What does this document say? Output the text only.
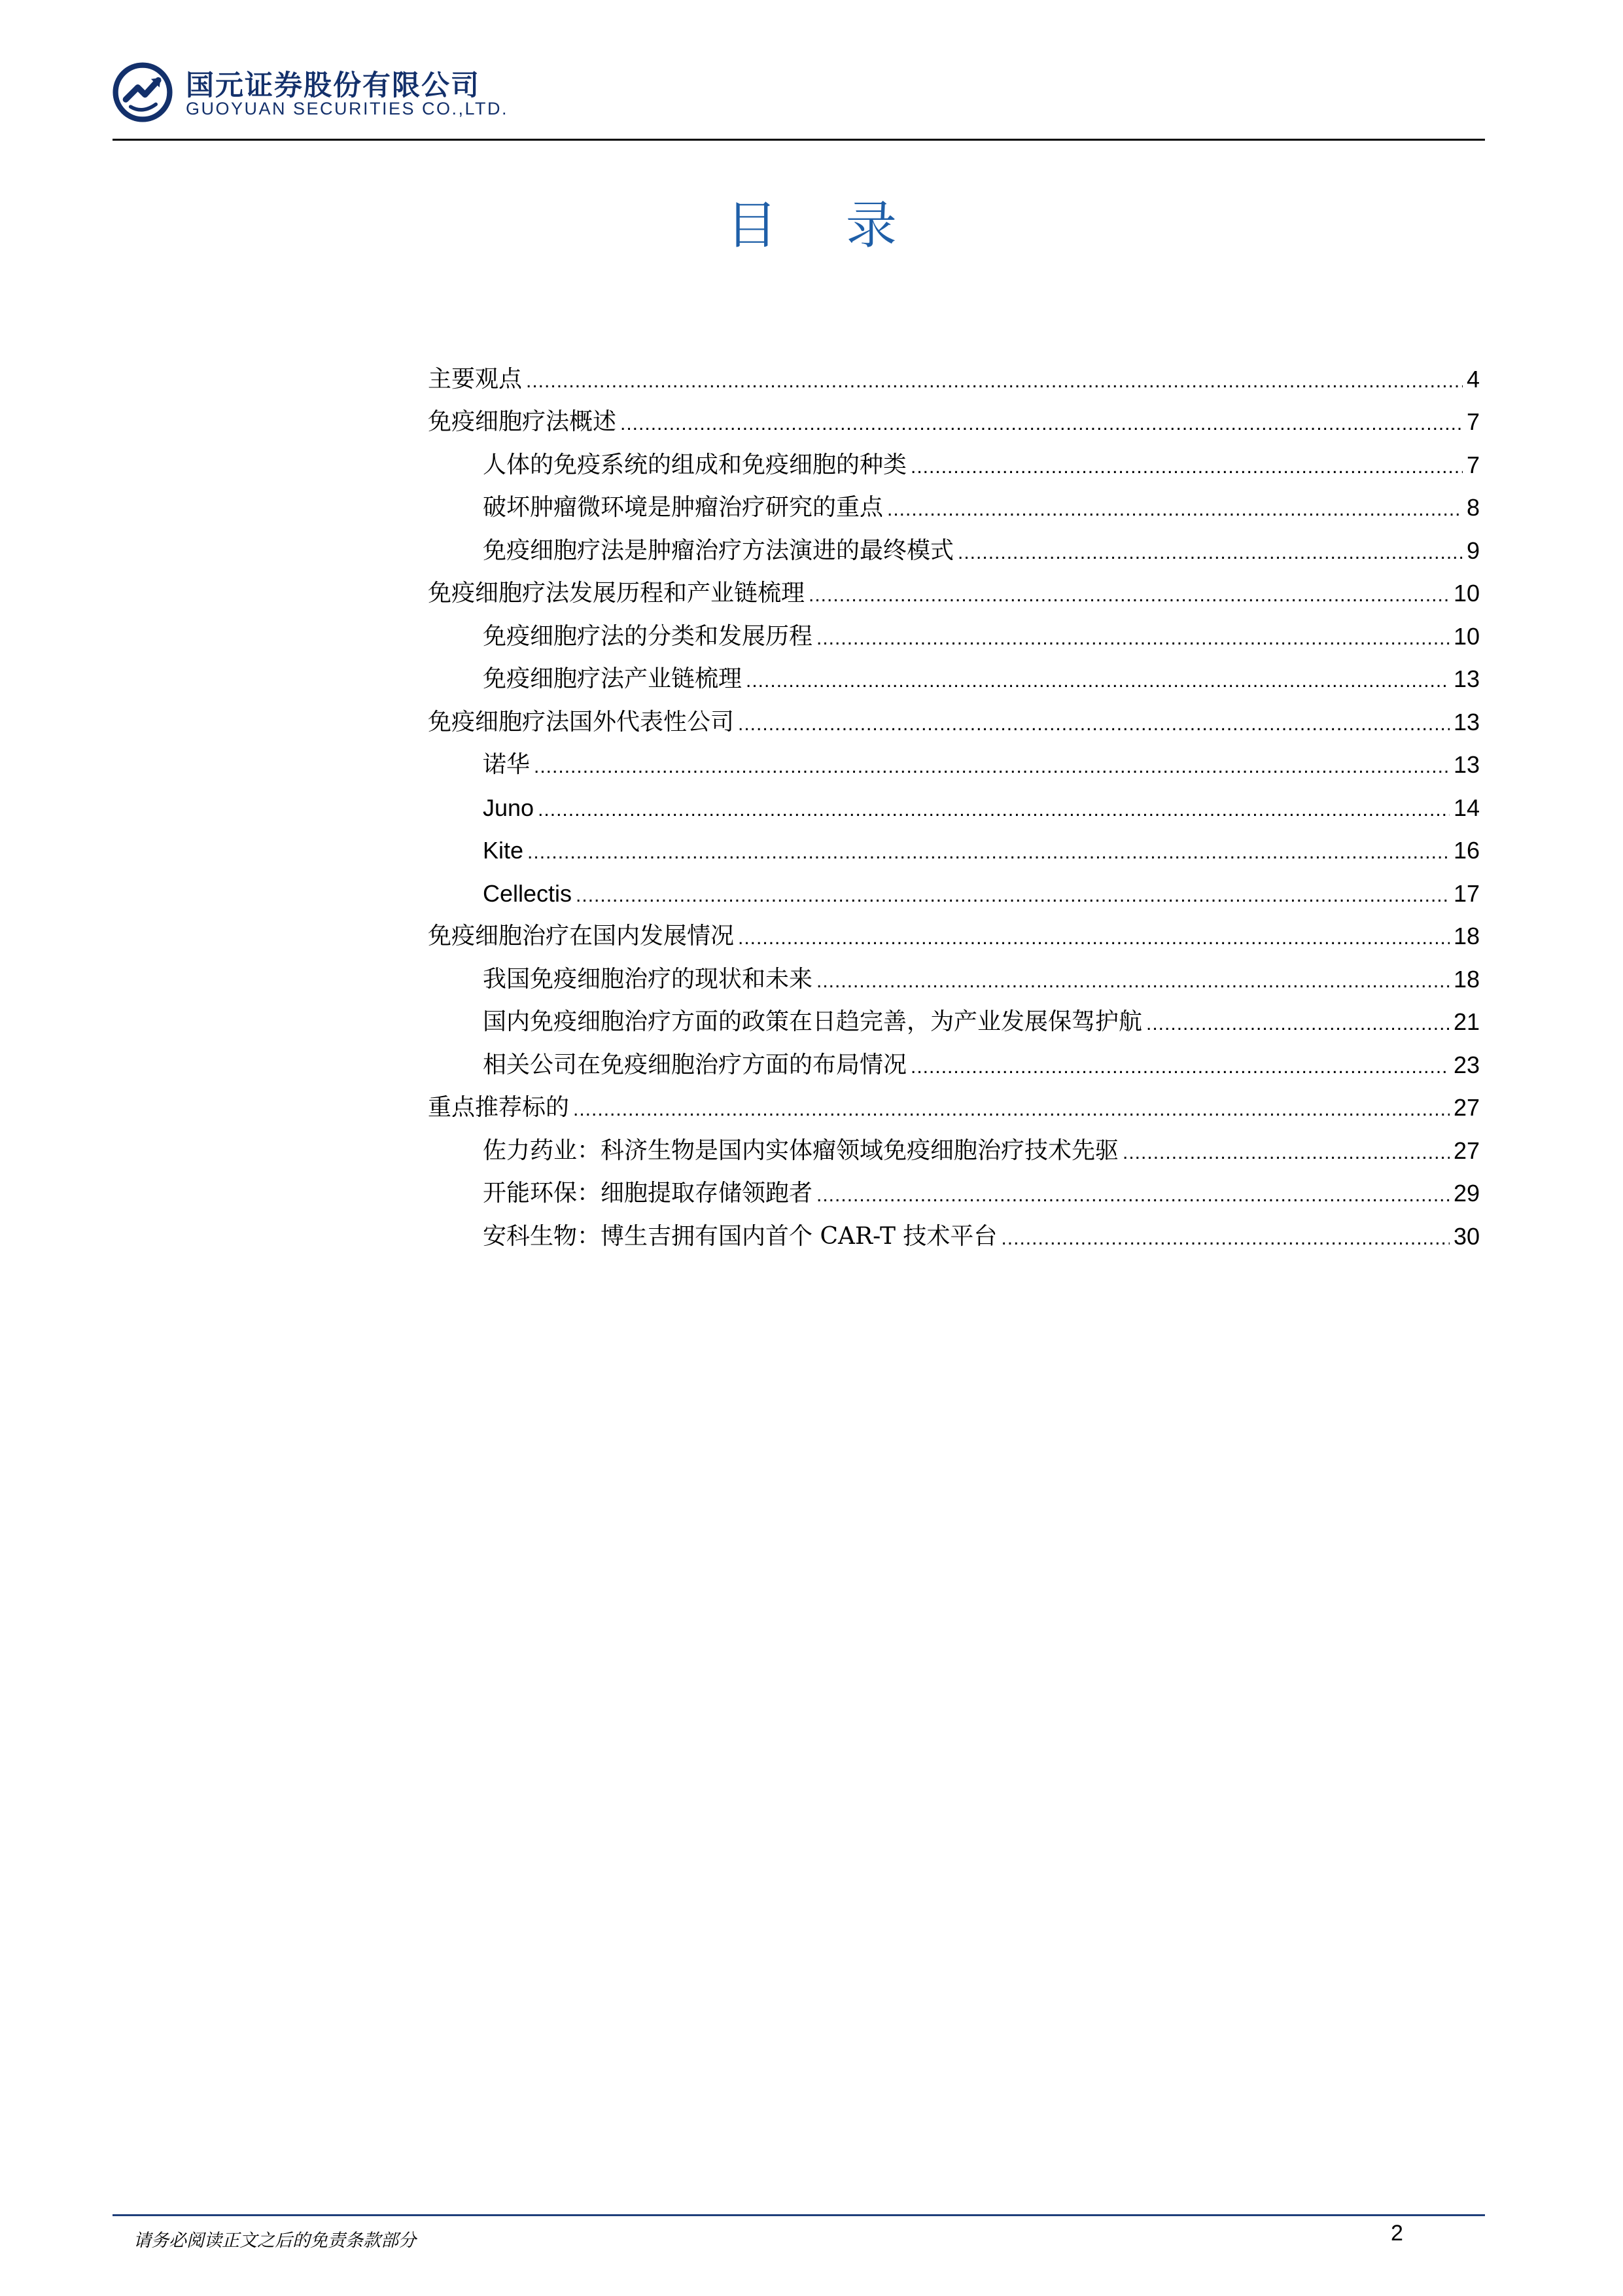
国元证券股份有限公司
GUOYUAN SECURITIES CO.,LTD.
目 录
主要观点 .....	4
免疫细胞疗法概述 .....	7
人体的免疫系统的组成和免疫细胞的种类 .....	7
破坏肿瘤微环境是肿瘤治疗研究的重点 .....	8
免疫细胞疗法是肿瘤治疗方法演进的最终模式 .....	9
免疫细胞疗法发展历程和产业链梳理 .....	10
免疫细胞疗法的分类和发展历程 .....	10
免疫细胞疗法产业链梳理 .....	13
免疫细胞疗法国外代表性公司 .....	13
诺华 .....	13
Juno .....	14
Kite .....	16
Cellectis .....	17
免疫细胞治疗在国内发展情况 .....	18
我国免疫细胞治疗的现状和未来 .....	18
国内免疫细胞治疗方面的政策在日趋完善，为产业发展保驾护航 .....	21
相关公司在免疫细胞治疗方面的布局情况 .....	23
重点推荐标的 .....	27
佐力药业：科济生物是国内实体瘤领域免疫细胞治疗技术先驱 .....	27
开能环保：细胞提取存储领跑者 .....	29
安科生物：博生吉拥有国内首个 CAR-T 技术平台 .....	30
请务必阅读正文之后的免责条款部分	2
